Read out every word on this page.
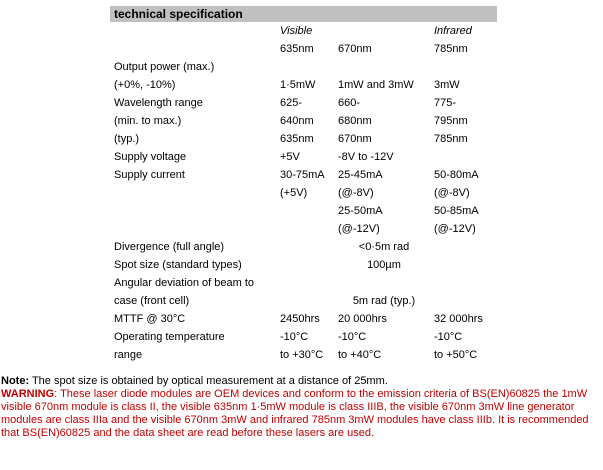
technical specification
	Visible		Infrared
	635nm	670nm	785nm
Output power (max.)			
(+0%, -10%)	1·5mW	1mW and 3mW	3mW
Wavelength range	625-	660-	775-
(min. to max.)	640nm	680nm	795nm
(typ.)	635nm	670nm	785nm
Supply voltage	+5V	-8V to -12V	
Supply current	30-75mA	25-45mA	50-80mA
	(+5V)	(@-8V)	(@-8V)
		25-50mA	50-85mA
		(@-12V)	(@-12V)
Divergence (full angle)		<0·5m rad	
Spot size (standard types)		100µm	
Angular deviation of beam to			
case (front cell)		5m rad (typ.)	
MTTF @ 30°C	2450hrs	20 000hrs	32 000hrs
Operating temperature	-10°C	-10°C	-10°C
range	to +30°C	to +40°C	to +50°C
Note: The spot size is obtained by optical measurement at a distance of 25mm.
WARNING: These laser diode modules are OEM devices and conform to the emission criteria of BS(EN)60825 the 1mW visible 670nm module is class II, the visible 635nm 1·5mW module is class IIIB, the visible 670nm 3mW line generator modules are class IIIa and the visible 670nm 3mW and infrared 785nm 3mW modules have class IIIb. It is recommended that BS(EN)60825 and the data sheet are read before these lasers are used.
